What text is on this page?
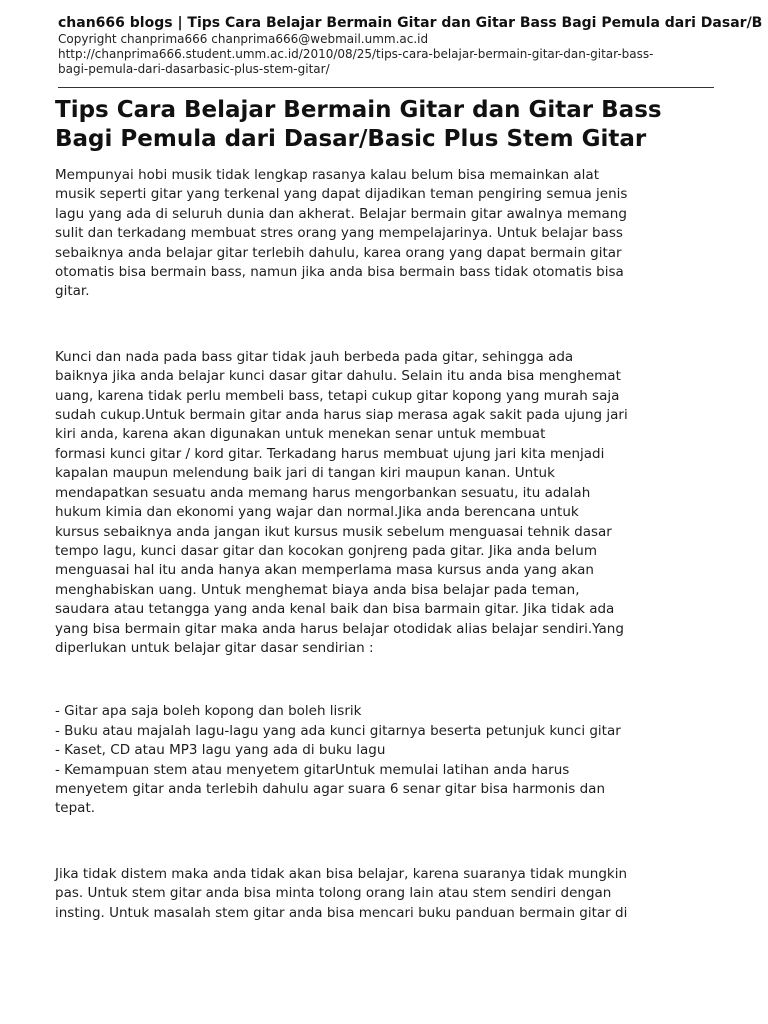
chan666 blogs | Tips Cara Belajar Bermain Gitar dan Gitar Bass Bagi Pemula dari Dasar/B
Copyright chanprima666 chanprima666@webmail.umm.ac.id
http://chanprima666.student.umm.ac.id/2010/08/25/tips-cara-belajar-bermain-gitar-dan-gitar-bass-
bagi-pemula-dari-dasarbasic-plus-stem-gitar/
Tips Cara Belajar Bermain Gitar dan Gitar Bass
Bagi Pemula dari Dasar/Basic Plus Stem Gitar

Mempunyai hobi musik tidak lengkap rasanya kalau belum bisa memainkan alat
musik seperti gitar yang terkenal yang dapat dijadikan teman pengiring semua jenis
lagu yang ada di seluruh dunia dan akherat. Belajar bermain gitar awalnya memang
sulit dan terkadang membuat stres orang yang mempelajarinya. Untuk belajar bass
sebaiknya anda belajar gitar terlebih dahulu, karea orang yang dapat bermain gitar
otomatis bisa bermain bass, namun jika anda bisa bermain bass tidak otomatis bisa
gitar.

Kunci dan nada pada bass gitar tidak jauh berbeda pada gitar, sehingga ada
baiknya jika anda belajar kunci dasar gitar dahulu. Selain itu anda bisa menghemat
uang, karena tidak perlu membeli bass, tetapi cukup gitar kopong yang murah saja
sudah cukup.Untuk bermain gitar anda harus siap merasa agak sakit pada ujung jari
kiri anda, karena akan digunakan untuk menekan senar untuk membuat
formasi kunci gitar / kord gitar. Terkadang harus membuat ujung jari kita menjadi
kapalan maupun melendung baik jari di tangan kiri maupun kanan. Untuk
mendapatkan sesuatu anda memang harus mengorbankan sesuatu, itu adalah
hukum kimia dan ekonomi yang wajar dan normal.Jika anda berencana untuk
kursus sebaiknya anda jangan ikut kursus musik sebelum menguasai tehnik dasar
tempo lagu, kunci dasar gitar dan kocokan gonjreng pada gitar. Jika anda belum
menguasai hal itu anda hanya akan memperlama masa kursus anda yang akan
menghabiskan uang. Untuk menghemat biaya anda bisa belajar pada teman,
saudara atau tetangga yang anda kenal baik dan bisa barmain gitar. Jika tidak ada
yang bisa bermain gitar maka anda harus belajar otodidak alias belajar sendiri.Yang
diperlukan untuk belajar gitar dasar sendirian :

- Gitar apa saja boleh kopong dan boleh lisrik
- Buku atau majalah lagu-lagu yang ada kunci gitarnya beserta petunjuk kunci gitar
- Kaset, CD atau MP3 lagu yang ada di buku lagu
- Kemampuan stem atau menyetem gitarUntuk memulai latihan anda harus
menyetem gitar anda terlebih dahulu agar suara 6 senar gitar bisa harmonis dan
tepat.

Jika tidak distem maka anda tidak akan bisa belajar, karena suaranya tidak mungkin
pas. Untuk stem gitar anda bisa minta tolong orang lain atau stem sendiri dengan
insting. Untuk masalah stem gitar anda bisa mencari buku panduan bermain gitar di
